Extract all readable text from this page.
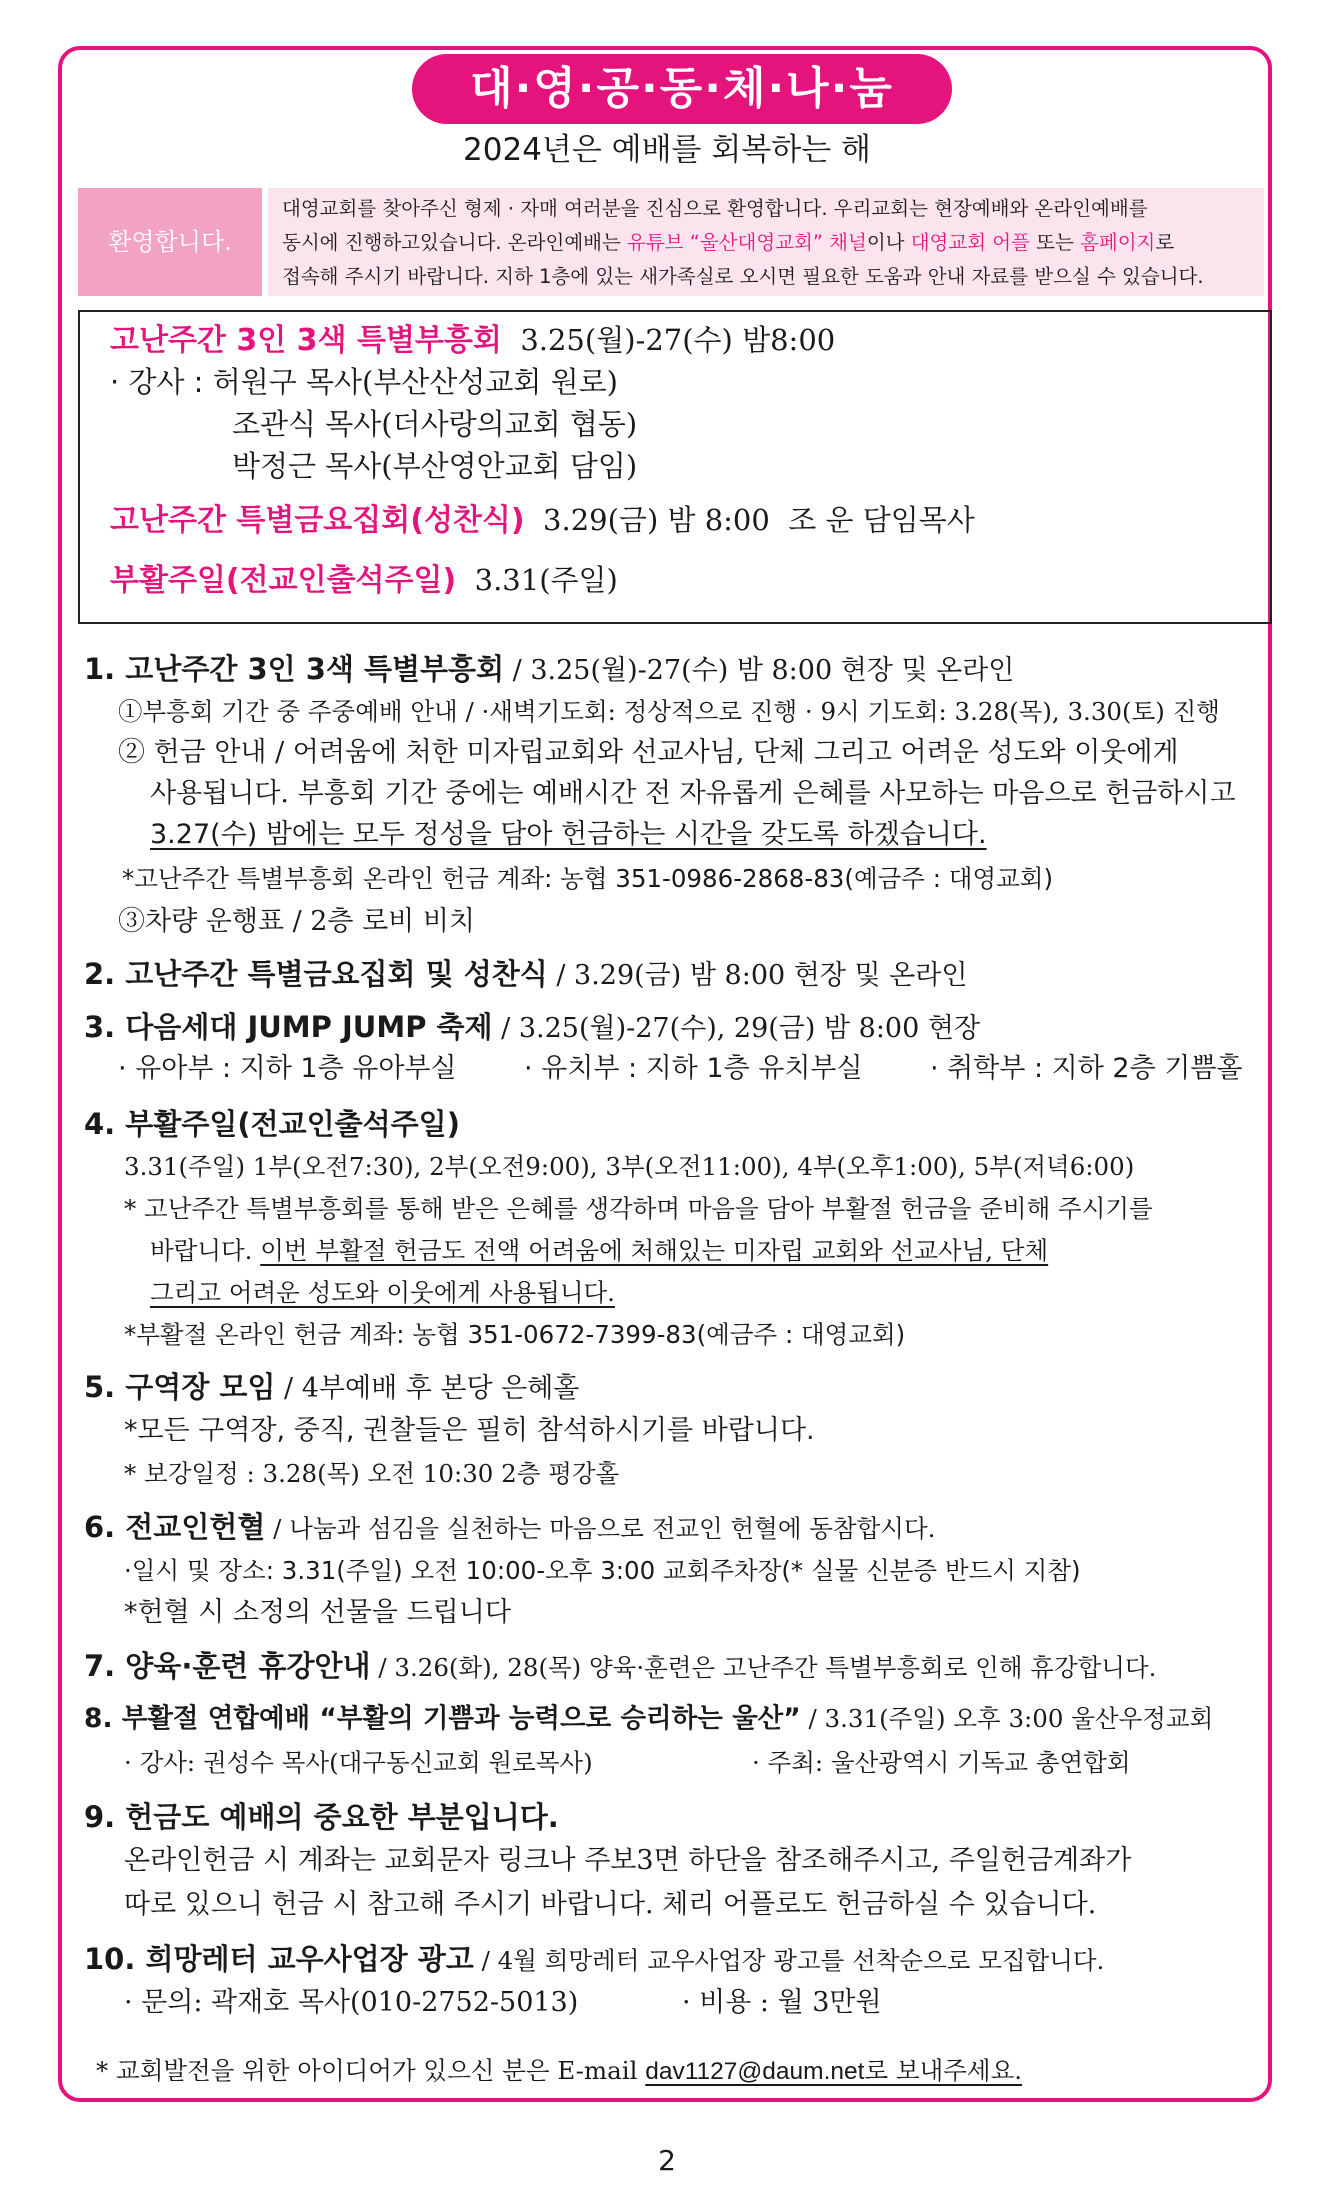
대·영·공·동·체·나·눔
2024년은 예배를 회복하는 해
환영합니다.
대영교회를 찾아주신 형제 · 자매 여러분을 진심으로 환영합니다. 우리교회는 현장예배와 온라인예배를
동시에 진행하고있습니다. 온라인예배는 유튜브 “울산대영교회” 채널이나 대영교회 어플 또는 홈페이지로
접속해 주시기 바랍니다. 지하 1층에 있는 새가족실로 오시면 필요한 도움과 안내 자료를 받으실 수 있습니다.
고난주간 3인 3색 특별부흥회 3.25(월)-27(수) 밤8:00
· 강사 : 허원구 목사(부산산성교회 원로)
조관식 목사(더사랑의교회 협동)
박정근 목사(부산영안교회 담임)
고난주간 특별금요집회(성찬식) 3.29(금) 밤 8:00 조 운 담임목사
부활주일(전교인출석주일) 3.31(주일)
1. 고난주간 3인 3색 특별부흥회 / 3.25(월)-27(수) 밤 8:00 현장 및 온라인
①부흥회 기간 중 주중예배 안내 / ·새벽기도회: 정상적으로 진행 · 9시 기도회: 3.28(목), 3.30(토) 진행
② 헌금 안내 / 어려움에 처한 미자립교회와 선교사님, 단체 그리고 어려운 성도와 이웃에게
사용됩니다. 부흥회 기간 중에는 예배시간 전 자유롭게 은혜를 사모하는 마음으로 헌금하시고
3.27(수) 밤에는 모두 정성을 담아 헌금하는 시간을 갖도록 하겠습니다.
*고난주간 특별부흥회 온라인 헌금 계좌: 농협 351-0986-2868-83(예금주 : 대영교회)
③차량 운행표 / 2층 로비 비치
2. 고난주간 특별금요집회 및 성찬식 / 3.29(금) 밤 8:00 현장 및 온라인
3. 다음세대 JUMP JUMP 축제 / 3.25(월)-27(수), 29(금) 밤 8:00 현장
· 유아부 : 지하 1층 유아부실 · 유치부 : 지하 1층 유치부실 · 취학부 : 지하 2층 기쁨홀
4. 부활주일(전교인출석주일)
3.31(주일) 1부(오전7:30), 2부(오전9:00), 3부(오전11:00), 4부(오후1:00), 5부(저녁6:00)
* 고난주간 특별부흥회를 통해 받은 은혜를 생각하며 마음을 담아 부활절 헌금을 준비해 주시기를
바랍니다. 이번 부활절 헌금도 전액 어려움에 처해있는 미자립 교회와 선교사님, 단체
그리고 어려운 성도와 이웃에게 사용됩니다.
*부활절 온라인 헌금 계좌: 농협 351-0672-7399-83(예금주 : 대영교회)
5. 구역장 모임 / 4부예배 후 본당 은혜홀
*모든 구역장, 중직, 권찰들은 필히 참석하시기를 바랍니다.
* 보강일정 : 3.28(목) 오전 10:30 2층 평강홀
6. 전교인헌혈 / 나눔과 섬김을 실천하는 마음으로 전교인 헌혈에 동참합시다.
·일시 및 장소: 3.31(주일) 오전 10:00-오후 3:00 교회주차장(* 실물 신분증 반드시 지참)
*헌혈 시 소정의 선물을 드립니다
7. 양육·훈련 휴강안내 / 3.26(화), 28(목) 양육·훈련은 고난주간 특별부흥회로 인해 휴강합니다.
8. 부활절 연합예배 “부활의 기쁨과 능력으로 승리하는 울산” / 3.31(주일) 오후 3:00 울산우정교회
· 강사: 권성수 목사(대구동신교회 원로목사)	· 주최: 울산광역시 기독교 총연합회
9. 헌금도 예배의 중요한 부분입니다.
온라인헌금 시 계좌는 교회문자 링크나 주보3면 하단을 참조해주시고, 주일헌금계좌가
따로 있으니 헌금 시 참고해 주시기 바랍니다. 체리 어플로도 헌금하실 수 있습니다.
10. 희망레터 교우사업장 광고 / 4월 희망레터 교우사업장 광고를 선착순으로 모집합니다.
· 문의: 곽재호 목사(010-2752-5013)	· 비용 : 월 3만원
* 교회발전을 위한 아이디어가 있으신 분은 E-mail dav1127@daum.net로 보내주세요.
2
